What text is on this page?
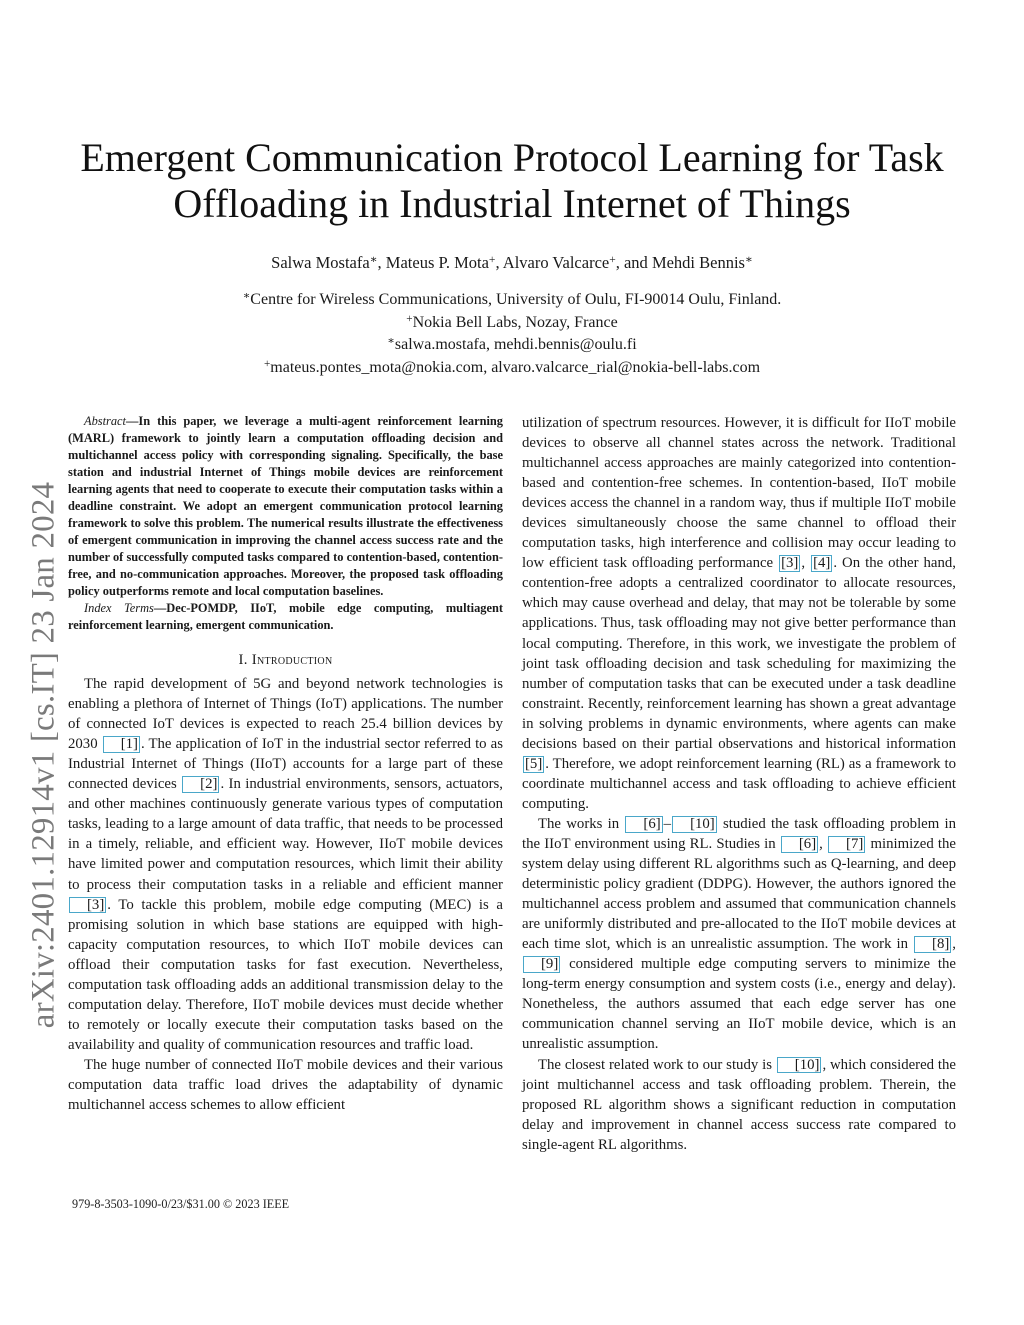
arXiv:2401.12914v1 [cs.IT] 23 Jan 2024
Emergent Communication Protocol Learning for Task
Offloading in Industrial Internet of Things
Salwa Mostafa∗, Mateus P. Mota+, Alvaro Valcarce+, and Mehdi Bennis∗
∗Centre for Wireless Communications, University of Oulu, FI-90014 Oulu, Finland.
+Nokia Bell Labs, Nozay, France
∗salwa.mostafa, mehdi.bennis@oulu.fi
+mateus.pontes_mota@nokia.com, alvaro.valcarce_rial@nokia-bell-labs.com

Abstract—In this paper, we leverage a multi-agent reinforcement learning (MARL) framework to jointly learn a computation offloading decision and multichannel access policy with corresponding signaling. Specifically, the base station and industrial Internet of Things mobile devices are reinforcement learning agents that need to cooperate to execute their computation tasks within a deadline constraint. We adopt an emergent communication protocol learning framework to solve this problem. The numerical results illustrate the effectiveness of emergent communication in improving the channel access success rate and the number of successfully computed tasks compared to contention-based, contention-free, and no-communication approaches. Moreover, the proposed task offloading policy outperforms remote and local computation baselines.

Index Terms—Dec-POMDP, IIoT, mobile edge computing, multiagent reinforcement learning, emergent communication.

I. Introduction

The rapid development of 5G and beyond network technologies is enabling a plethora of Internet of Things (IoT) applications. The number of connected IoT devices is expected to reach 25.4 billion devices by 2030 [1] . The application of IoT in the industrial sector referred to as Industrial Internet of Things (IIoT) accounts for a large part of these connected devices [2] . In industrial environments, sensors, actuators, and other machines continuously generate various types of computation tasks, leading to a large amount of data traffic, that needs to be processed in a timely, reliable, and efficient way. However, IIoT mobile devices have limited power and computation resources, which limit their ability to process their computation tasks in a reliable and efficient manner [3] . To tackle this problem, mobile edge computing (MEC) is a promising solution in which base stations are equipped with high-capacity computation resources, to which IIoT mobile devices can offload their computation tasks for fast execution. Nevertheless, computation task offloading adds an additional transmission delay to the computation delay. Therefore, IIoT mobile devices must decide whether to remotely or locally execute their computation tasks based on the availability and quality of communication resources and traffic load.

The huge number of connected IIoT mobile devices and their various computation data traffic load drives the adaptability of dynamic multichannel access schemes to allow efficient

utilization of spectrum resources. However, it is difficult for IIoT mobile devices to observe all channel states across the network. Traditional multichannel access approaches are mainly categorized into contention-based and contention-free schemes. In contention-based, IIoT mobile devices access the channel in a random way, thus if multiple IIoT mobile devices simultaneously choose the same channel to offload their computation tasks, high interference and collision may occur leading to low efficient task offloading performance [3] , [4] . On the other hand, contention-free adopts a centralized coordinator to allocate resources, which may cause overhead and delay, that may not be tolerable by some applications. Thus, task offloading may not give better performance than local computing. Therefore, in this work, we investigate the problem of joint task offloading decision and task scheduling for maximizing the number of computation tasks that can be executed under a task deadline constraint. Recently, reinforcement learning has shown a great advantage in solving problems in dynamic environments, where agents can make decisions based on their partial observations and historical information [5] . Therefore, we adopt reinforcement learning (RL) as a framework to coordinate multichannel access and task offloading to achieve efficient computing.

The works in [6] – [10] studied the task offloading problem in the IIoT environment using RL. Studies in [6] , [7] minimized the system delay using different RL algorithms such as Q-learning, and deep deterministic policy gradient (DDPG). However, the authors ignored the multichannel access problem and assumed that communication channels are uniformly distributed and pre-allocated to the IIoT mobile devices at each time slot, which is an unrealistic assumption. The work in [8] , [9] considered multiple edge computing servers to minimize the long-term energy consumption and system costs (i.e., energy and delay). Nonetheless, the authors assumed that each edge server has one communication channel serving an IIoT mobile device, which is an unrealistic assumption.

The closest related work to our study is [10] , which considered the joint multichannel access and task offloading problem. Therein, the proposed RL algorithm shows a significant reduction in computation delay and improvement in channel access success rate compared to single-agent RL algorithms.

979-8-3503-1090-0/23/$31.00 © 2023 IEEE
